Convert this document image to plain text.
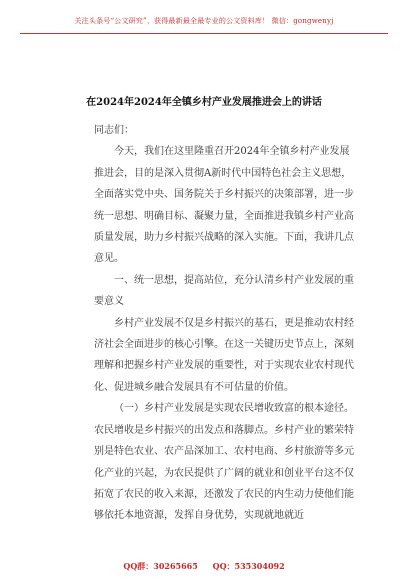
关注头条号“公文研究”，获得最新最全最专业的公文资料库！ 微信：gongwenyj
在2024年2024年全镇乡村产业发展推进会上的讲话

同志们：

今天，我们在这里隆重召开2024年全镇乡村产业发展推进会，目的是深入贯彻A新时代中国特色社会主义思想，全面落实党中央、国务院关于乡村振兴的决策部署，进一步统一思想、明确目标、凝聚力量，全面推进我镇乡村产业高质量发展，助力乡村振兴战略的深入实施。下面，我讲几点意见。

一、统一思想，提高站位，充分认清乡村产业发展的重要意义

乡村产业发展不仅是乡村振兴的基石，更是推动农村经济社会全面进步的核心引擎。在这一关键历史节点上，深刻理解和把握乡村产业发展的重要性，对于实现农业农村现代化、促进城乡融合发展具有不可估量的价值。

（一）乡村产业发展是实现农民增收致富的根本途径。

农民增收是乡村振兴的出发点和落脚点。乡村产业的繁荣特别是特色农业、农产品深加工、农村电商、乡村旅游等多元化产业的兴起，为农民提供了广阔的就业和创业平台这不仅拓宽了农民的收入来源，还激发了农民的内生动力使他们能够依托本地资源，发挥自身优势，实现就地就近

QQ群：30265665 QQ：535304092
